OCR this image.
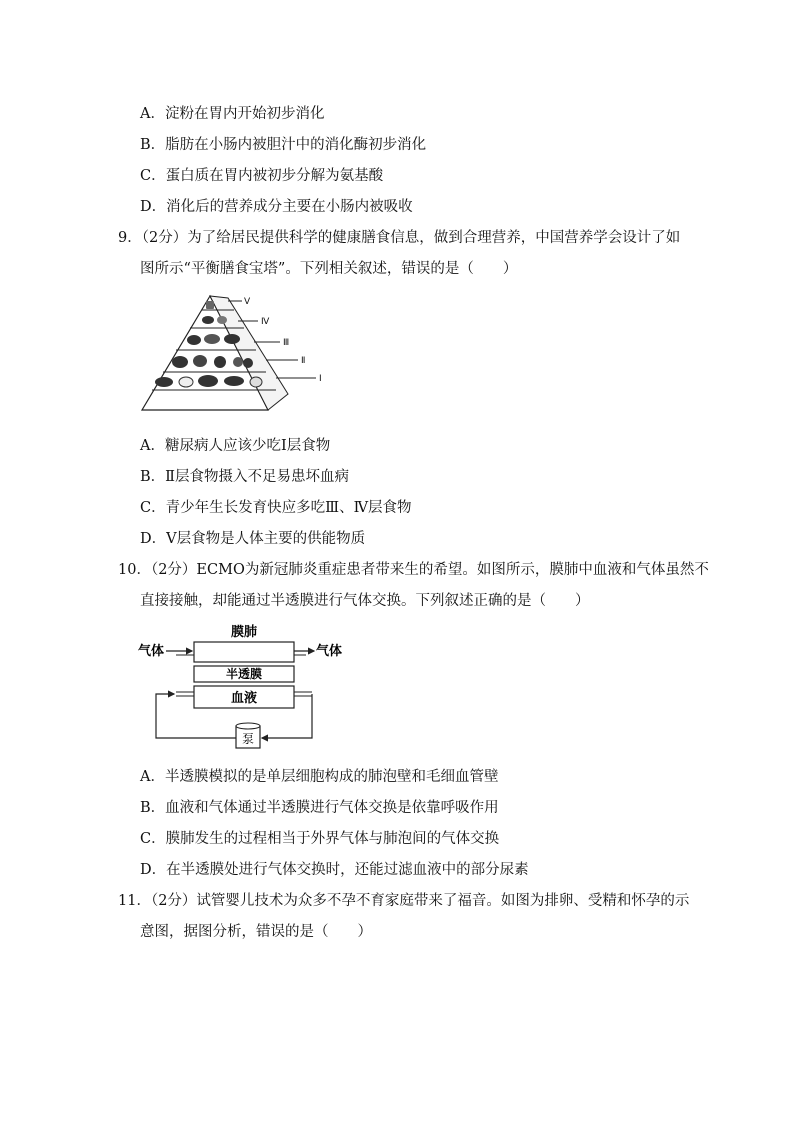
A．淀粉在胃内开始初步消化
B．脂肪在小肠内被胆汁中的消化酶初步消化
C．蛋白质在胃内被初步分解为氨基酸
D．消化后的营养成分主要在小肠内被吸收
9．（2分）为了给居民提供科学的健康膳食信息，做到合理营养，中国营养学会设计了如
图所示“平衡膳食宝塔”。下列相关叙述，错误的是（　　）
V
Ⅳ
Ⅲ
Ⅱ
I
A．糖尿病人应该少吃Ⅰ层食物
B．Ⅱ层食物摄入不足易患坏血病
C．青少年生长发育快应多吃Ⅲ、Ⅳ层食物
D．Ⅴ层食物是人体主要的供能物质
10．（2分）ECMO为新冠肺炎重症患者带来生的希望。如图所示，膜肺中血液和气体虽然不
直接接触，却能通过半透膜进行气体交换。下列叙述正确的是（　　）
膜肺
半透膜
血液
气体	气体
泵
A．半透膜模拟的是单层细胞构成的肺泡壁和毛细血管壁
B．血液和气体通过半透膜进行气体交换是依靠呼吸作用
C．膜肺发生的过程相当于外界气体与肺泡间的气体交换
D．在半透膜处进行气体交换时，还能过滤血液中的部分尿素
11．（2分）试管婴儿技术为众多不孕不育家庭带来了福音。如图为排卵、受精和怀孕的示
意图，据图分析，错误的是（　　）
